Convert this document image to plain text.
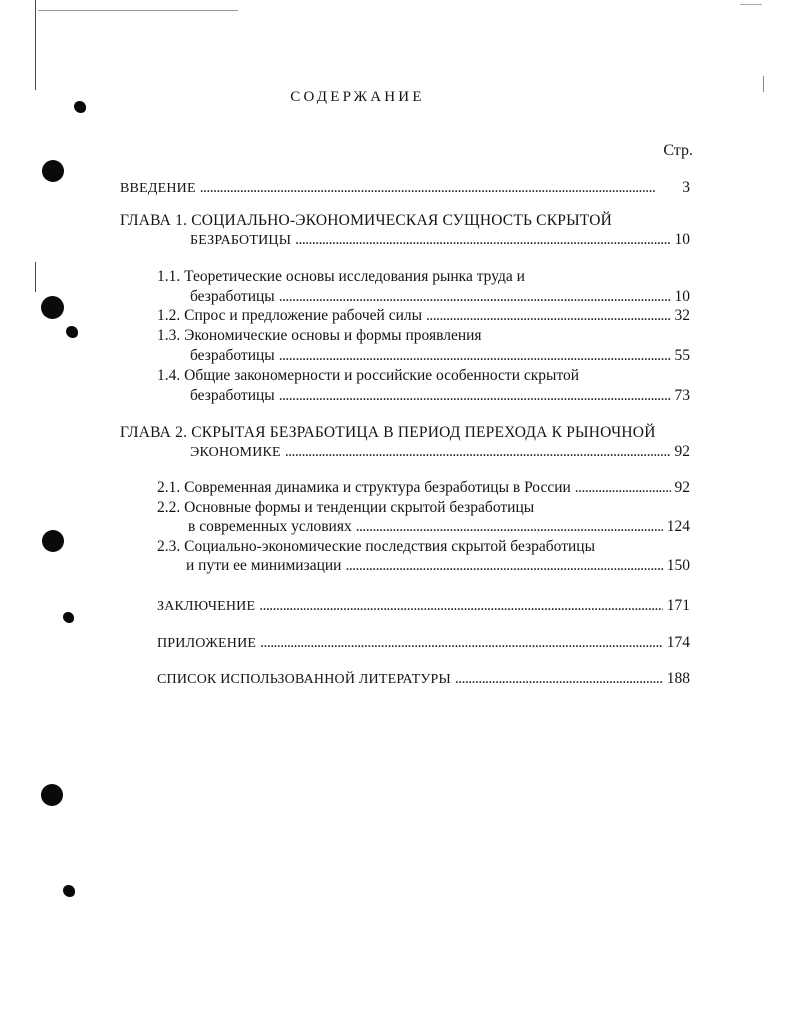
СОДЕРЖАНИЕ
Стр.
ВВЕДЕНИЕ . . .	3
ГЛАВА 1. СОЦИАЛЬНО-ЭКОНОМИЧЕСКАЯ СУЩНОСТЬ СКРЫТОЙ
БЕЗРАБОТИЦЫ . . .	10
1.1. Теоретические основы исследования рынка труда и
безработицы . . .	10
1.2. Спрос и предложение рабочей силы . . .	32
1.3. Экономические основы и формы проявления
безработицы . . .	55
1.4. Общие закономерности и российские особенности скрытой
безработицы . . .	73
ГЛАВА 2. СКРЫТАЯ БЕЗРАБОТИЦА В ПЕРИОД ПЕРЕХОДА К РЫНОЧНОЙ
ЭКОНОМИКЕ . . .	92
2.1. Современная динамика и структура безработицы в России . . .	92
2.2. Основные формы и тенденции скрытой безработицы
в современных условиях . . .	124
2.3. Социально-экономические последствия скрытой безработицы
и пути ее минимизации . . .	150
ЗАКЛЮЧЕНИЕ . . .	171
ПРИЛОЖЕНИЕ . . .	174
СПИСОК ИСПОЛЬЗОВАННОЙ ЛИТЕРАТУРЫ . . .	188
